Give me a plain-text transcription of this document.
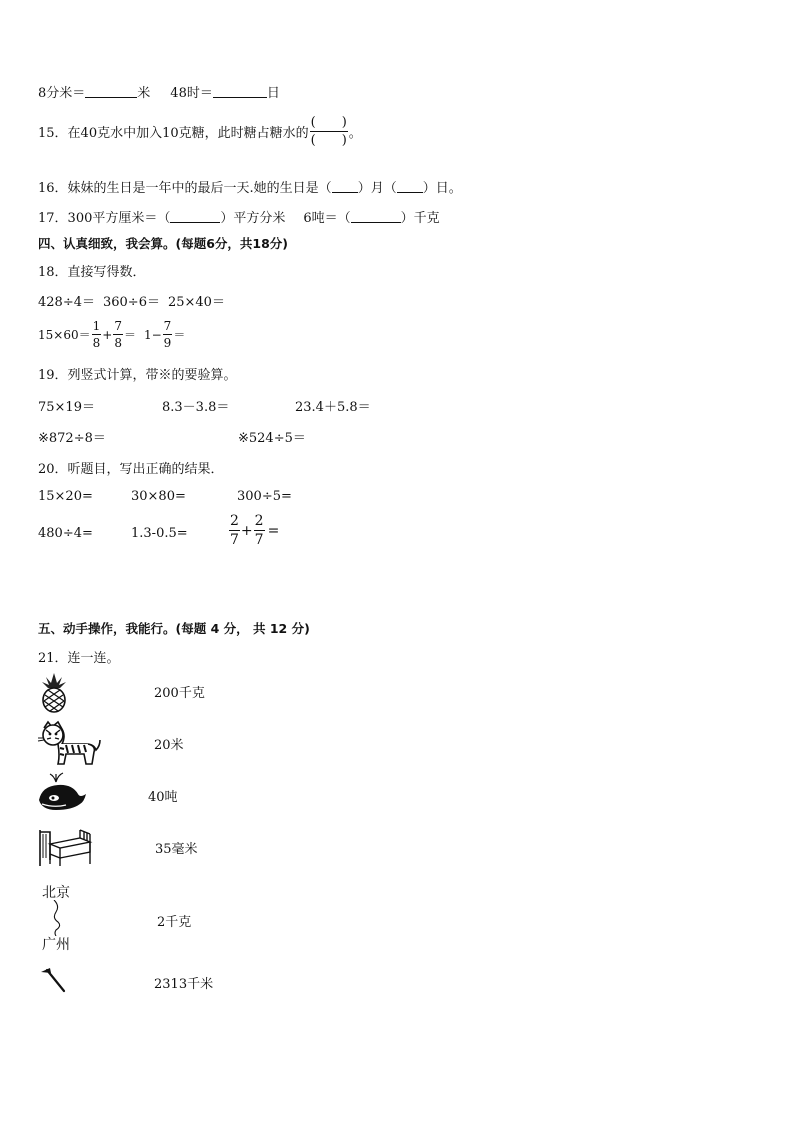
8分米＝	米 48时＝	日
15．在40克水中加入10克糖，此时糖占糖水的 $\frac{( )}{( )}$ 。
16．妹妹的生日是一年中的最后一天.她的生日是（ ）月（ ）日。
17．300平方厘米＝（	）平方分米 6吨＝（	）千克
四、认真细致，我会算。(每题6分，共18分)
18．直接写得数．
428÷4＝ 360÷6＝ 25×40＝
$15\times 60= \frac{1}{8} + \frac{7}{8} = 1- \frac{7}{9}$ ＝
19．列竖式计算，带※的要验算。
75×19＝	8.3－3.8＝	23.4＋5.8＝
※872÷8＝	※524÷5＝
20．听题目，写出正确的结果．
15×20=	30×80=	300÷5=
480÷4=	1.3-0.5=	$\frac{2}{7} + \frac{2}{7}$ =
五、动手操作，我能行。(每题 4 分， 共 12 分)
21．连一连。
200千克
20米
40吨
35毫米
北京
广州
2千克
2313千米
